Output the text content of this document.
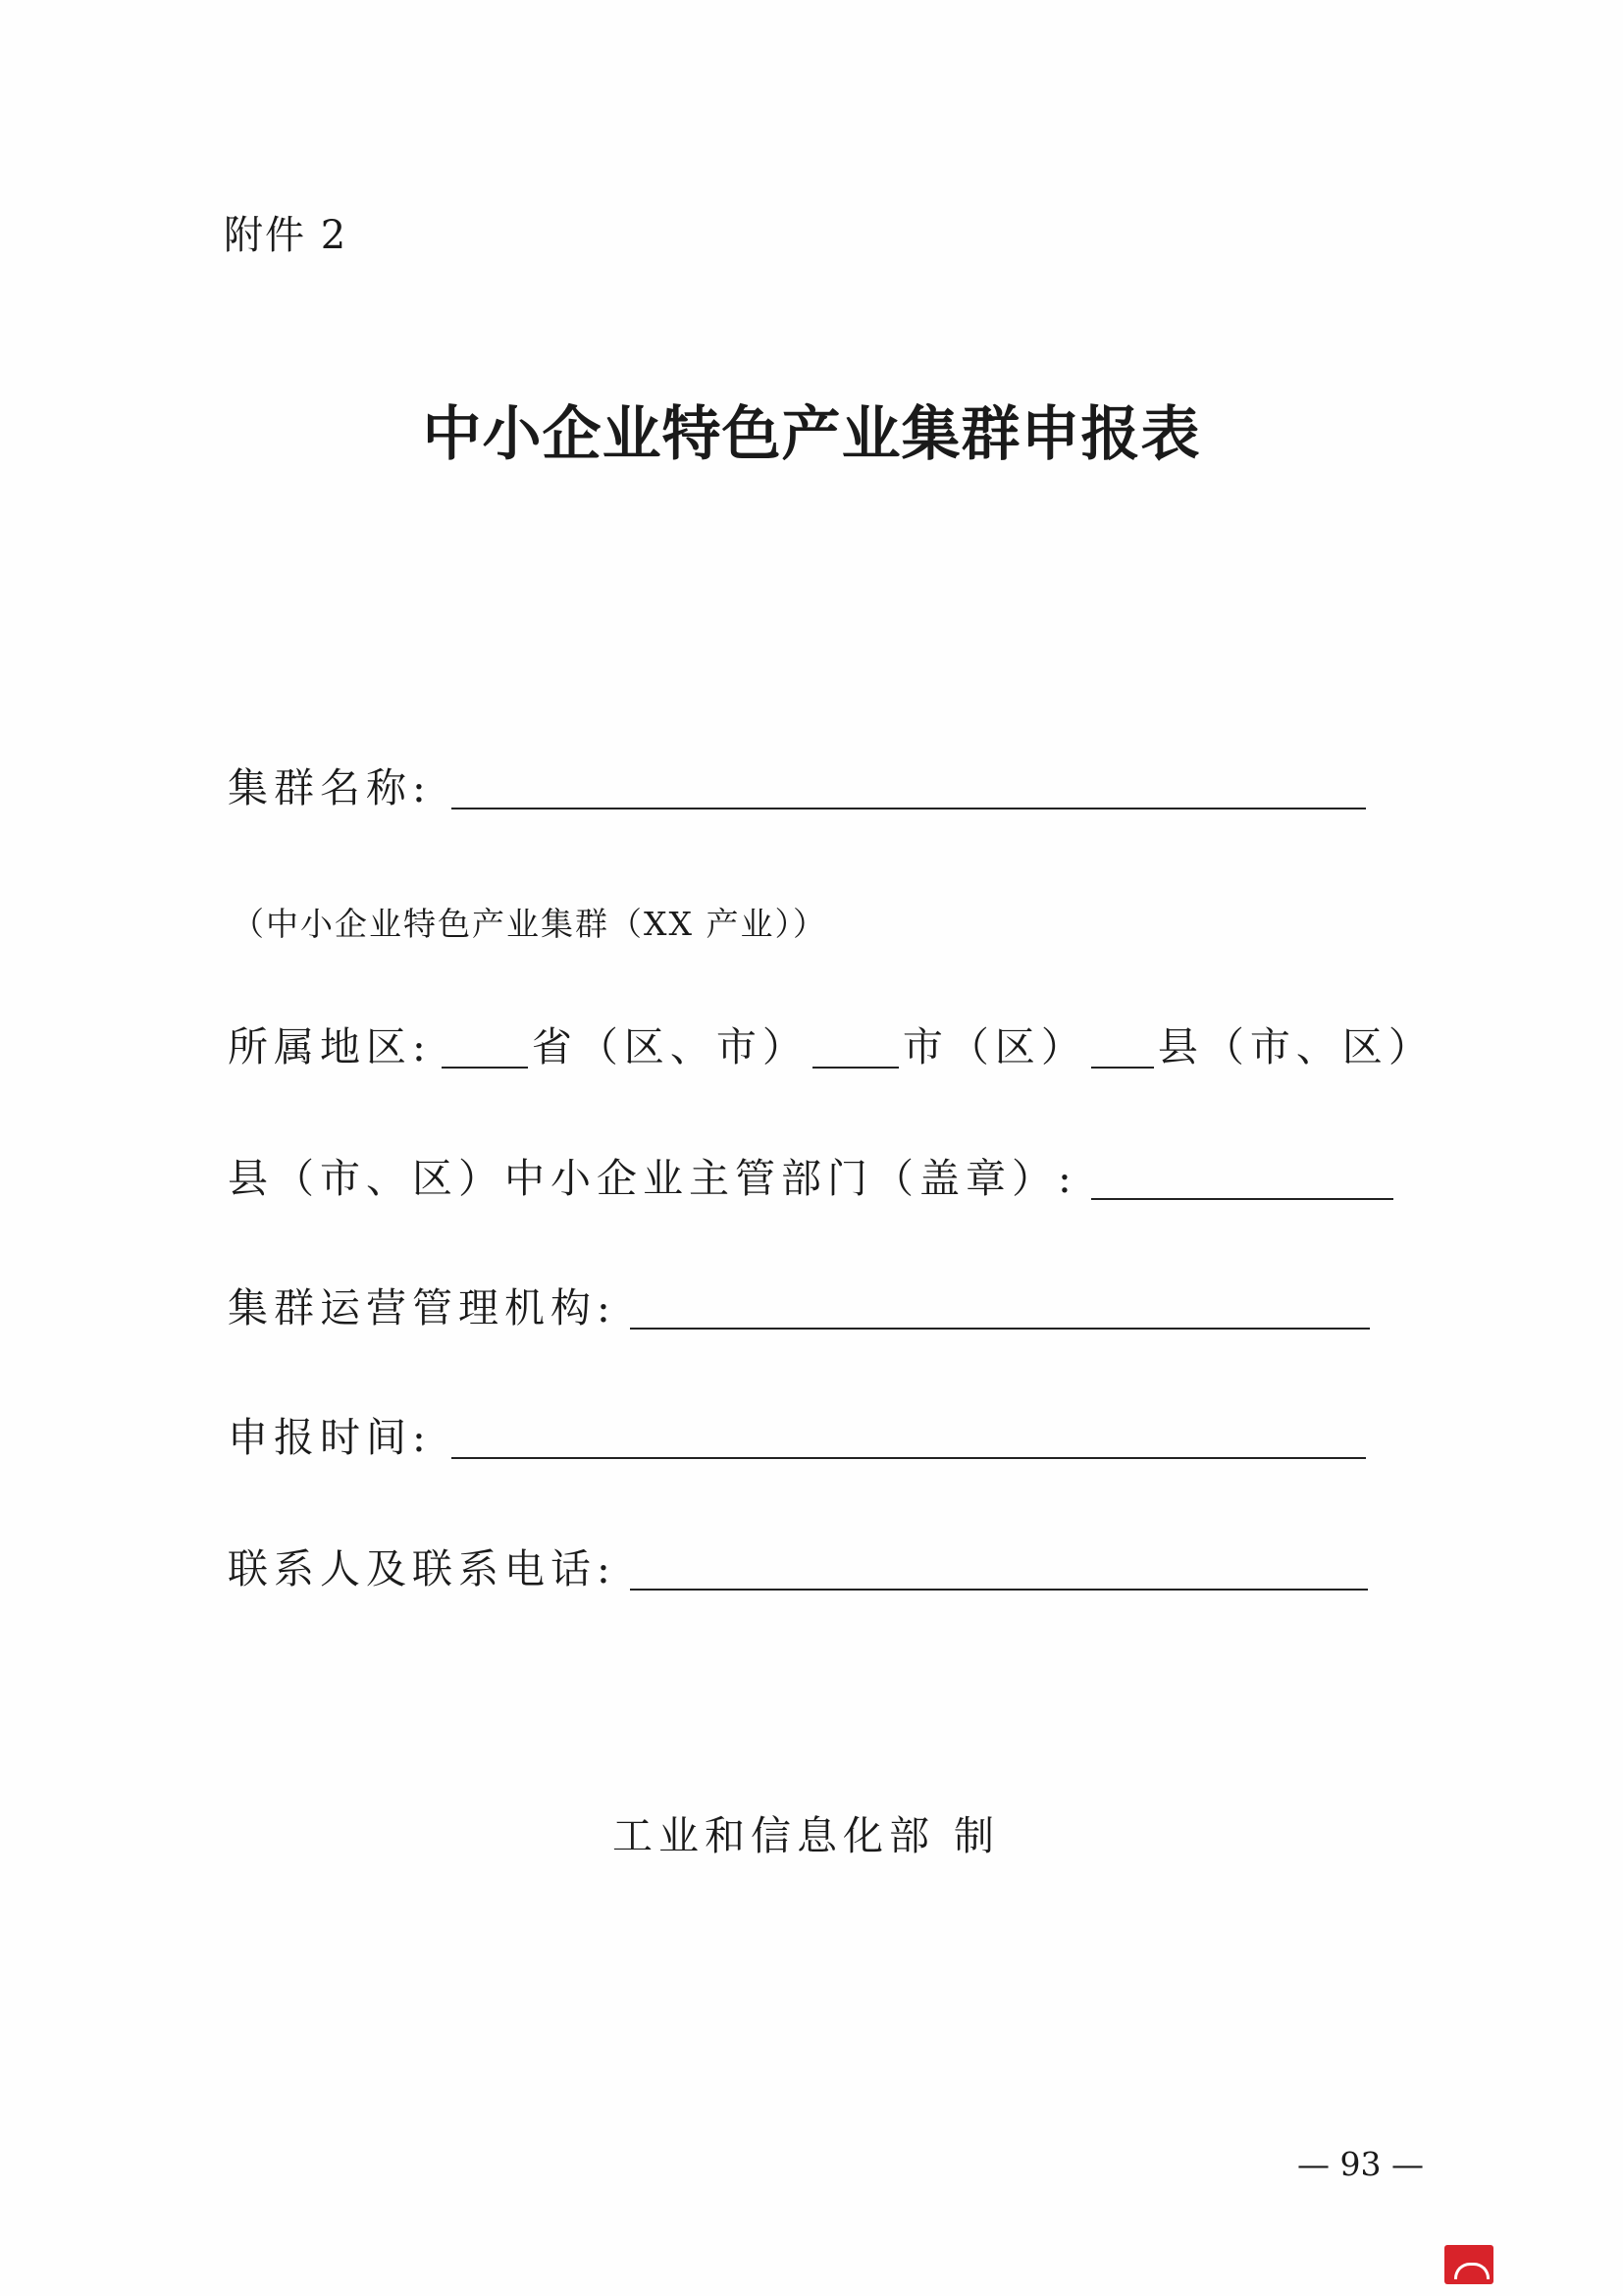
附件 2
中小企业特色产业集群申报表
集群名称:
（中小企业特色产业集群（XX 产业））
所属地区: 省（区、市） 市（区） 县（市、区）
县（市、区）中小企业主管部门（盖章）:
集群运营管理机构:
申报时间:
联系人及联系电话:
工业和信息化部 制
— 93 —
